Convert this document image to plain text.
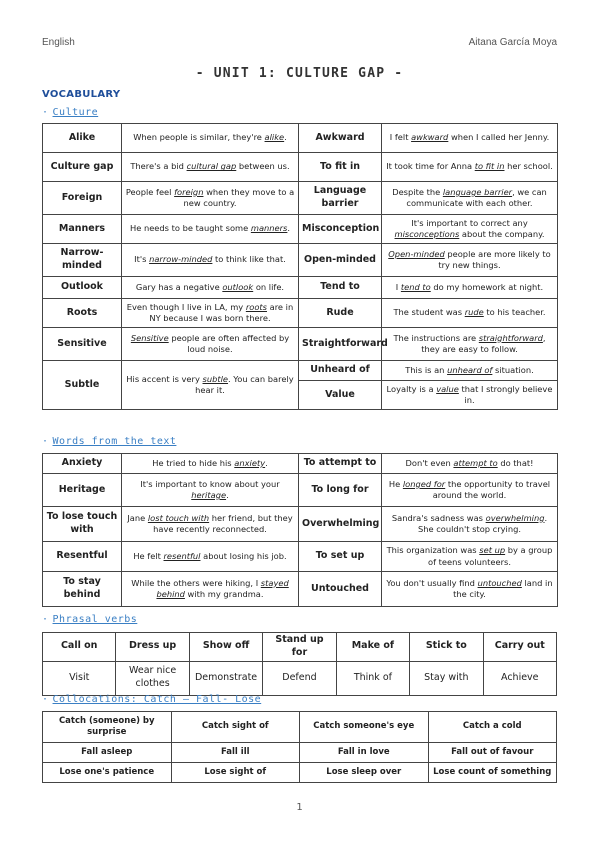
English	Aitana García Moya
- UNIT 1: CULTURE GAP -
VOCABULARY
· Culture
Alike	When people is similar, they're alike.	Awkward	I felt awkward when I called her Jenny.
Culture gap	There's a bid cultural gap between us.	To fit in	It took time for Anna to fit in her school.
Foreign	People feel foreign when they move to a new country.	Language barrier	Despite the language barrier, we can communicate with each other.
Manners	He needs to be taught some manners.	Misconception	It's important to correct any misconceptions about the company.
Narrow-minded	It's narrow-minded to think like that.	Open-minded	Open-minded people are more likely to try new things.
Outlook	Gary has a negative outlook on life.	Tend to	I tend to do my homework at night.
Roots	Even though I live in LA, my roots are in NY because I was born there.	Rude	The student was rude to his teacher.
Sensitive	Sensitive people are often affected by loud noise.	Straightforward	The instructions are straightforward, they are easy to follow.
Subtle	His accent is very subtle. You can barely hear it.	Unheard of	This is an unheard of situation.
		Value	Loyalty is a value that I strongly believe in.
· Words from the text
Anxiety	He tried to hide his anxiety.	To attempt to	Don't even attempt to do that!
Heritage	It's important to know about your heritage.	To long for	He longed for the opportunity to travel around the world.
To lose touch with	Jane lost touch with her friend, but they have recently reconnected.	Overwhelming	Sandra's sadness was overwhelming. She couldn't stop crying.
Resentful	He felt resentful about losing his job.	To set up	This organization was set up by a group of teens volunteers.
To stay behind	While the others were hiking, I stayed behind with my grandma.	Untouched	You don't usually find untouched land in the city.
· Phrasal verbs
Call on	Dress up	Show off	Stand up for	Make of	Stick to	Carry out
Visit	Wear nice clothes	Demonstrate	Defend	Think of	Stay with	Achieve
· Collocations: Catch – Fall- Lose
Catch (someone) by surprise	Catch sight of	Catch someone's eye	Catch a cold
Fall asleep	Fall ill	Fall in love	Fall out of favour
Lose one's patience	Lose sight of	Lose sleep over	Lose count of something
1
